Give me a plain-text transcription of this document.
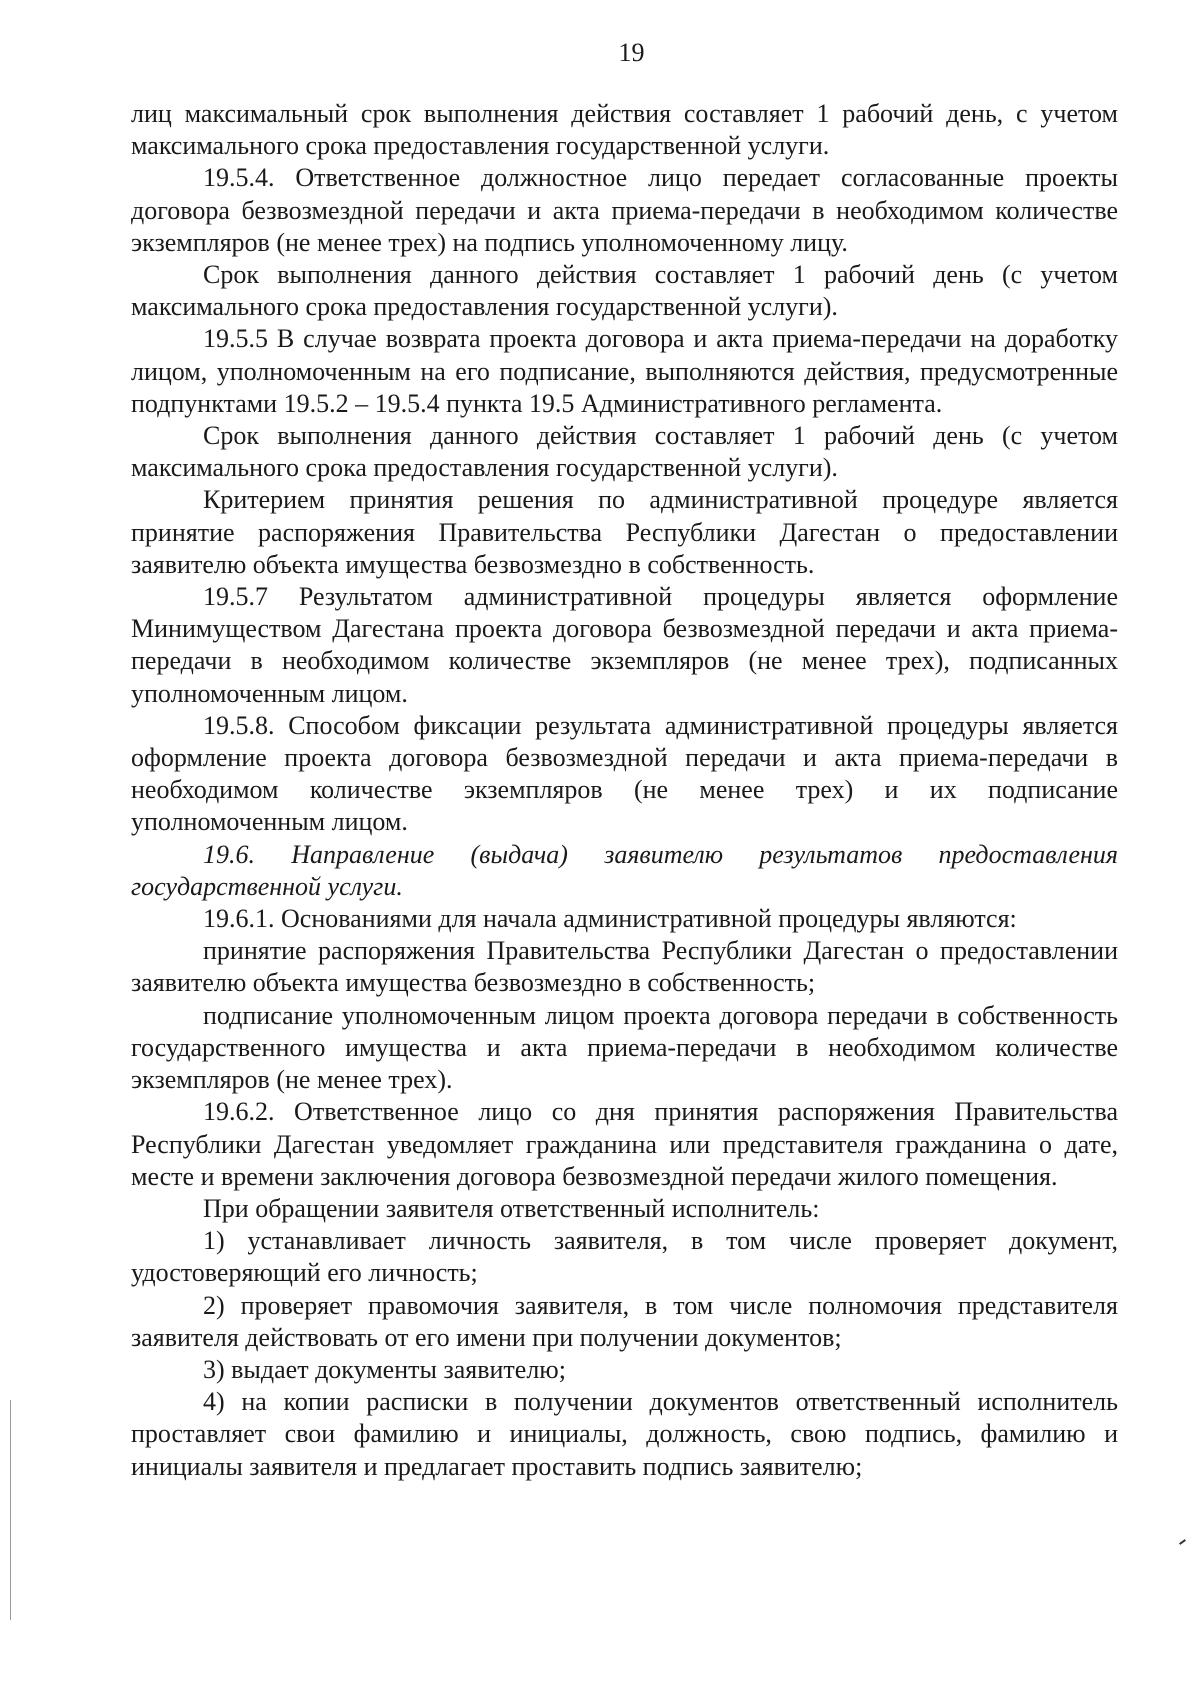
19

лиц максимальный срок выполнения действия составляет 1 рабочий день, с учетом максимального срока предоставления государственной услуги.

19.5.4. Ответственное должностное лицо передает согласованные проекты договора безвозмездной передачи и акта приема-передачи в необходимом количестве экземпляров (не менее трех) на подпись уполномоченному лицу.

Срок выполнения данного действия составляет 1 рабочий день (с учетом максимального срока предоставления государственной услуги).

19.5.5 В случае возврата проекта договора и акта приема-передачи на доработку лицом, уполномоченным на его подписание, выполняются действия, предусмотренные подпунктами 19.5.2 – 19.5.4 пункта 19.5 Административного регламента.

Срок выполнения данного действия составляет 1 рабочий день (с учетом максимального срока предоставления государственной услуги).

Критерием принятия решения по административной процедуре является принятие распоряжения Правительства Республики Дагестан о предоставлении заявителю объекта имущества безвозмездно в собственность.

19.5.7 Результатом административной процедуры является оформление Минимуществом Дагестана проекта договора безвозмездной передачи и акта приема-передачи в необходимом количестве экземпляров (не менее трех), подписанных уполномоченным лицом.

19.5.8. Способом фиксации результата административной процедуры является оформление проекта договора безвозмездной передачи и акта приема-передачи в необходимом количестве экземпляров (не менее трех) и их подписание уполномоченным лицом.

19.6. Направление (выдача) заявителю результатов предоставления государственной услуги.

19.6.1. Основаниями для начала административной процедуры являются:

принятие распоряжения Правительства Республики Дагестан о предоставлении заявителю объекта имущества безвозмездно в собственность;

подписание уполномоченным лицом проекта договора передачи в собственность государственного имущества и акта приема-передачи в необходимом количестве экземпляров (не менее трех).

19.6.2. Ответственное лицо со дня принятия распоряжения Правительства Республики Дагестан уведомляет гражданина или представителя гражданина о дате, месте и времени заключения договора безвозмездной передачи жилого помещения.

При обращении заявителя ответственный исполнитель:

1) устанавливает личность заявителя, в том числе проверяет документ, удостоверяющий его личность;

2) проверяет правомочия заявителя, в том числе полномочия представителя заявителя действовать от его имени при получении документов;

3) выдает документы заявителю;

4) на копии расписки в получении документов ответственный исполнитель проставляет свои фамилию и инициалы, должность, свою подпись, фамилию и инициалы заявителя и предлагает проставить подпись заявителю;
